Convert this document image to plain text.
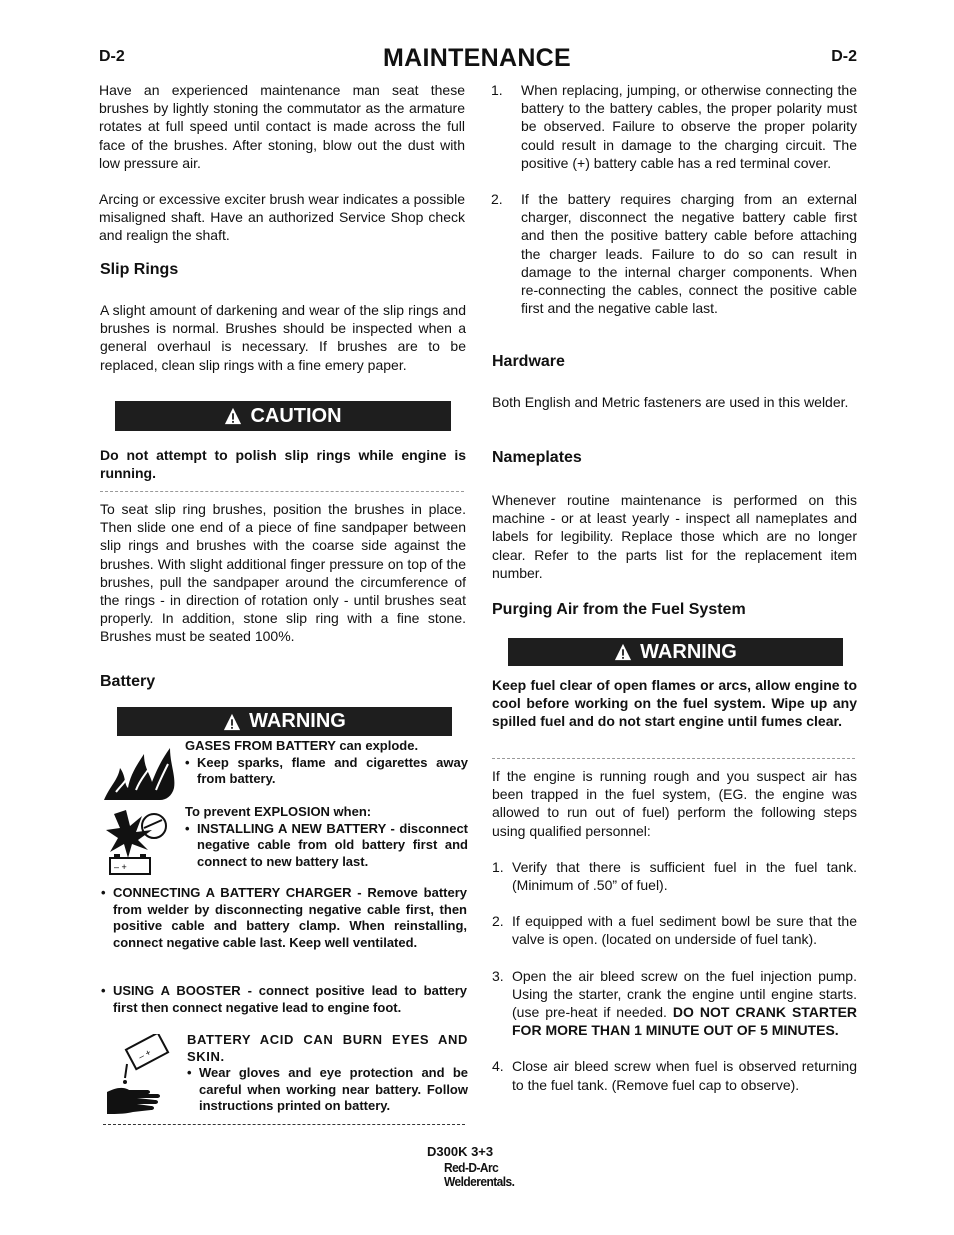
D-2	MAINTENANCE	D-2

Have an experienced maintenance man seat these brushes by lightly stoning the commutator as the armature rotates at full speed until contact is made across the full face of the brushes. After stoning, blow out the dust with low pressure air.

Arcing or excessive exciter brush wear indicates a possible misaligned shaft. Have an authorized Service Shop check and realign the shaft.

Slip Rings

A slight amount of darkening and wear of the slip rings and brushes is normal. Brushes should be inspected when a general overhaul is necessary. If brushes are to be replaced, clean slip rings with a fine emery paper.

CAUTION

Do not attempt to polish slip rings while engine is running.

To seat slip ring brushes, position the brushes in place. Then slide one end of a piece of fine sandpaper between slip rings and brushes with the coarse side against the brushes. With slight additional finger pressure on top of the brushes, pull the sandpaper around the circumference of the rings - in direction of rotation only - until brushes seat properly. In addition, stone slip ring with a fine stone. Brushes must be seated 100%.

Battery
WARNING
GASES FROM BATTERY can explode.
• Keep sparks, flame and cigarettes away from battery.
– +
To prevent EXPLOSION when:
• INSTALLING A NEW BATTERY - disconnect negative cable from old battery first and connect to new battery last.
• CONNECTING A BATTERY CHARGER - Remove battery from welder by disconnecting negative cable first, then positive cable and battery clamp. When reinstalling, connect negative cable last. Keep well ventilated.
• USING A BOOSTER - connect positive lead to battery first then connect negative lead to engine foot.
– +
BATTERY ACID CAN BURN EYES AND SKIN.
• Wear gloves and eye protection and be careful when working near battery. Follow instructions printed on battery.
1.	When replacing, jumping, or otherwise connecting the battery to the battery cables, the proper polarity must be observed. Failure to observe the proper polarity could result in damage to the charging circuit. The positive (+) battery cable has a red terminal cover.

2.	If the battery requires charging from an external charger, disconnect the negative battery cable first and then the positive battery cable before attaching the charger leads. Failure to do so can result in damage to the internal charger components. When re-connecting the cables, connect the positive cable first and the negative cable last.

Hardware

Both English and Metric fasteners are used in this welder.

Nameplates

Whenever routine maintenance is performed on this machine - or at least yearly - inspect all nameplates and labels for legibility. Replace those which are no longer clear. Refer to the parts list for the replacement item number.

Purging Air from the Fuel System
WARNING

Keep fuel clear of open flames or arcs, allow engine to cool before working on the fuel system. Wipe up any spilled fuel and do not start engine until fumes clear.

If the engine is running rough and you suspect air has been trapped in the fuel system, (EG. the engine was allowed to run out of fuel) perform the following steps using qualified personnel:

1. Verify that there is sufficient fuel in the fuel tank. (Minimum of .50” of fuel).

2. If equipped with a fuel sediment bowl be sure that the valve is open. (located on underside of fuel tank).

3. Open the air bleed screw on the fuel injection pump. Using the starter, crank the engine until engine starts. (use pre-heat if needed. DO NOT CRANK STARTER FOR MORE THAN 1 MINUTE OUT OF 5 MINUTES.

4. Close air bleed screw when fuel is observed returning to the fuel tank. (Remove fuel cap to observe).

D300K 3+3
Red-D-Arc
Welderentals.
